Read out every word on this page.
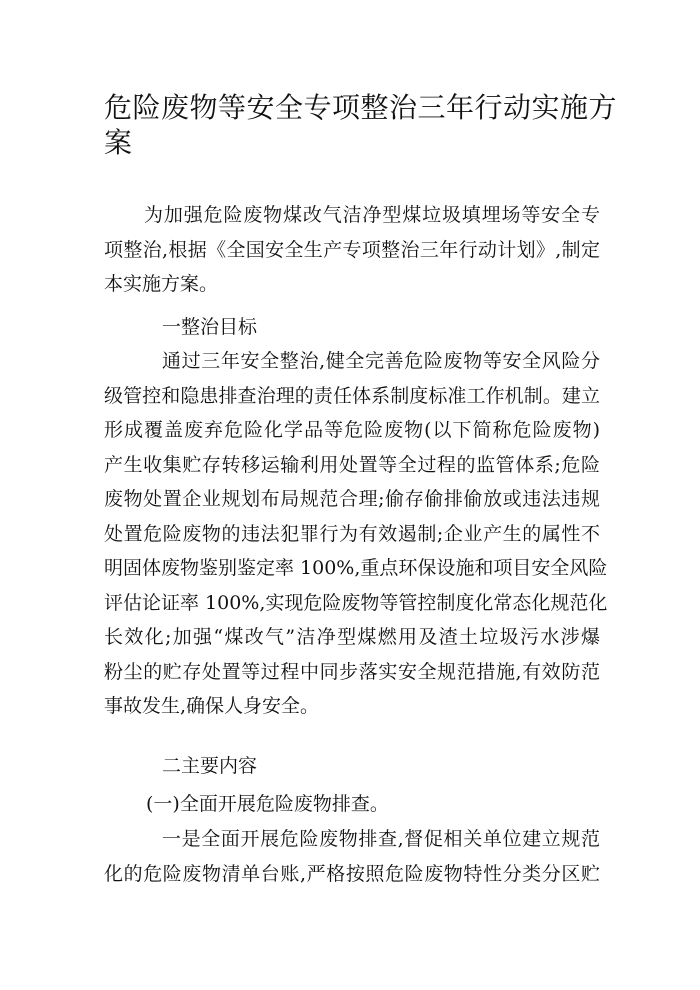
危险废物等安全专项整治三年行动实施方
案
为加强危险废物煤改气洁净型煤垃圾填埋场等安全专
项整治,根据《全国安全生产专项整治三年行动计划》,制定
本实施方案。
一整治目标
通过三年安全整治,健全完善危险废物等安全风险分
级管控和隐患排查治理的责任体系制度标准工作机制。建立
形成覆盖废弃危险化学品等危险废物(以下简称危险废物)
产生收集贮存转移运输利用处置等全过程的监管体系;危险
废物处置企业规划布局规范合理;偷存偷排偷放或违法违规
处置危险废物的违法犯罪行为有效遏制;企业产生的属性不
明固体废物鉴别鉴定率 100%,重点环保设施和项目安全风险
评估论证率 100%,实现危险废物等管控制度化常态化规范化
长效化;加强“煤改气”洁净型煤燃用及渣土垃圾污水涉爆
粉尘的贮存处置等过程中同步落实安全规范措施,有效防范
事故发生,确保人身安全。
二主要内容
(一)全面开展危险废物排查。
一是全面开展危险废物排查,督促相关单位建立规范
化的危险废物清单台账,严格按照危险废物特性分类分区贮
